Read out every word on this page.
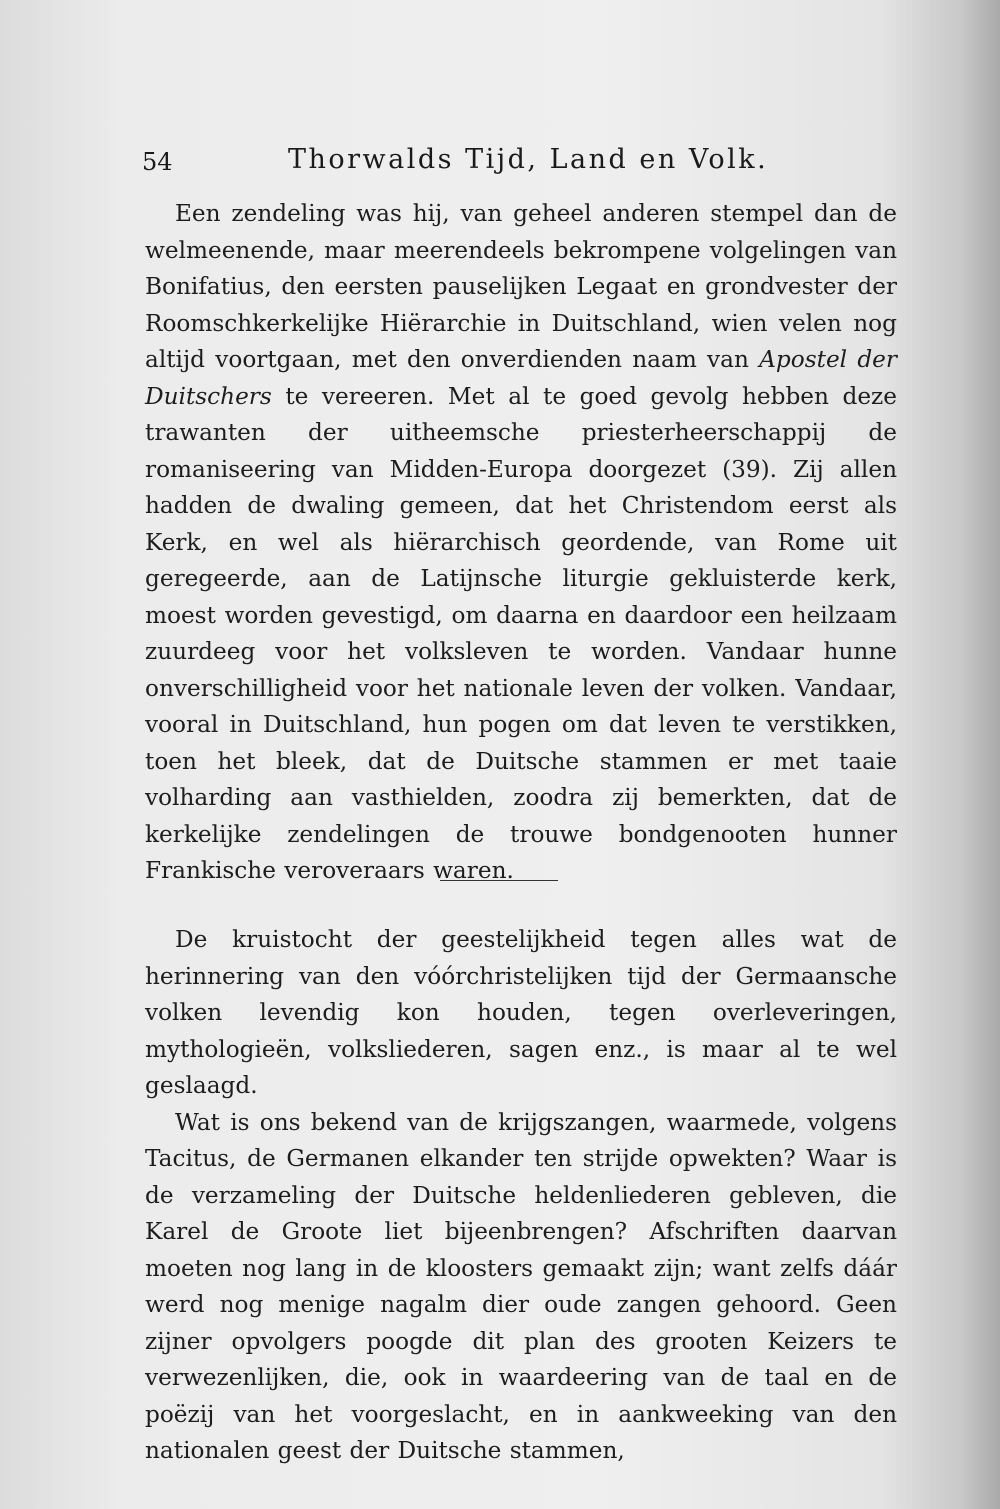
54	Thorwalds Tijd, Land en Volk.

Een zendeling was hij, van geheel anderen stempel dan de welmeenende, maar meerendeels bekrompene volgelingen van Bonifatius, den eersten pauselijken Legaat en grondvester der Roomschkerkelijke Hiërarchie in Duitschland, wien velen nog altijd voortgaan, met den onverdienden naam van Apostel der Duitschers te vereeren. Met al te goed gevolg hebben deze trawanten der uitheemsche priesterheerschappij de romaniseering van Midden-Europa doorgezet (39). Zij allen hadden de dwaling gemeen, dat het Christendom eerst als Kerk, en wel als hiërarchisch geordende, van Rome uit geregeerde, aan de Latijnsche liturgie gekluisterde kerk, moest worden gevestigd, om daarna en daardoor een heilzaam zuurdeeg voor het volksleven te worden. Vandaar hunne onverschilligheid voor het nationale leven der volken. Vandaar, vooral in Duitschland, hun pogen om dat leven te verstikken, toen het bleek, dat de Duitsche stammen er met taaie volharding aan vasthielden, zoodra zij bemerkten, dat de kerkelijke zendelingen de trouwe bondgenooten hunner Frankische veroveraars waren.

De kruistocht der geestelijkheid tegen alles wat de herinnering van den vóórchristelijken tijd der Germaansche volken levendig kon houden, tegen overleveringen, mythologieën, volksliederen, sagen enz., is maar al te wel geslaagd.

Wat is ons bekend van de krijgszangen, waarmede, volgens Tacitus, de Germanen elkander ten strijde opwekten? Waar is de verzameling der Duitsche heldenliederen gebleven, die Karel de Groote liet bijeenbrengen? Afschriften daarvan moeten nog lang in de kloosters gemaakt zijn; want zelfs dáár werd nog menige nagalm dier oude zangen gehoord. Geen zijner opvolgers poogde dit plan des grooten Keizers te verwezenlijken, die, ook in waardeering van de taal en de poëzij van het voorgeslacht, en in aankweeking van den nationalen geest der Duitsche stammen,
